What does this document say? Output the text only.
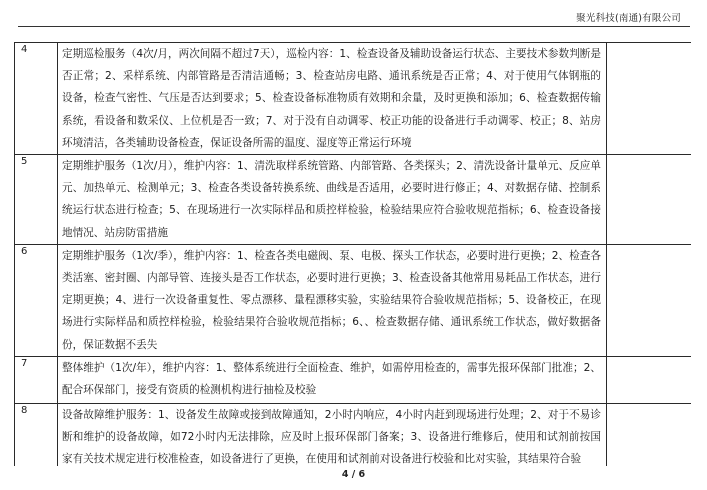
聚光科技(南通)有限公司
4	定期巡检服务（4次/月，两次间隔不超过7天），巡检内容：1、检查设备及辅助设备运行状态、主要技术参数判断是否正常；2、采样系统、内部管路是否清洁通畅；3、检查站房电路、通讯系统是否正常；4、对于使用气体钢瓶的设备，检查气密性、气压是否达到要求；5、检查设备标准物质有效期和余量，及时更换和添加；6、检查数据传输系统，看设备和数采仪、上位机是否一致；7、对于没有自动调零、校正功能的设备进行手动调零、校正；8、站房环境清洁，各类辅助设备检查，保证设备所需的温度、湿度等正常运行环境	
5	定期维护服务（1次/月），维护内容：1、清洗取样系统管路、内部管路、各类探头；2、清洗设备计量单元、反应单元、加热单元、检测单元；3、检查各类设备转换系统、曲线是否适用，必要时进行修正；4、对数据存储、控制系统运行状态进行检查；5、在现场进行一次实际样品和质控样检验，检验结果应符合验收规范指标；6、检查设备接地情况、站房防雷措施	
6	定期维护服务（1次/季），维护内容：1、检查各类电磁阀、泵、电极、探头工作状态，必要时进行更换；2、检查各类活塞、密封圈、内部导管、连接头是否工作状态，必要时进行更换；3、检查设备其他常用易耗品工作状态，进行定期更换；4、进行一次设备重复性、零点漂移、量程漂移实验，实验结果符合验收规范指标；5、设备校正，在现场进行实际样品和质控样检验，检验结果符合验收规范指标；6、、检查数据存储、通讯系统工作状态，做好数据备份，保证数据不丢失	
7	整体维护（1次/年），维护内容：1、整体系统进行全面检查、维护，如需停用检查的，需事先报环保部门批准；2、配合环保部门，接受有资质的检测机构进行抽检及校验	
8	设备故障维护服务：1、设备发生故障或接到故障通知，2小时内响应，4小时内赶到现场进行处理；2、对于不易诊断和维护的设备故障，如72小时内无法排除，应及时上报环保部门备案；3、设备进行维修后，使用和试剂前按国家有关技术规定进行校准检查，如设备进行了更换，在使用和试剂前对设备进行校验和比对实验，其结果符合验	
4 / 6
